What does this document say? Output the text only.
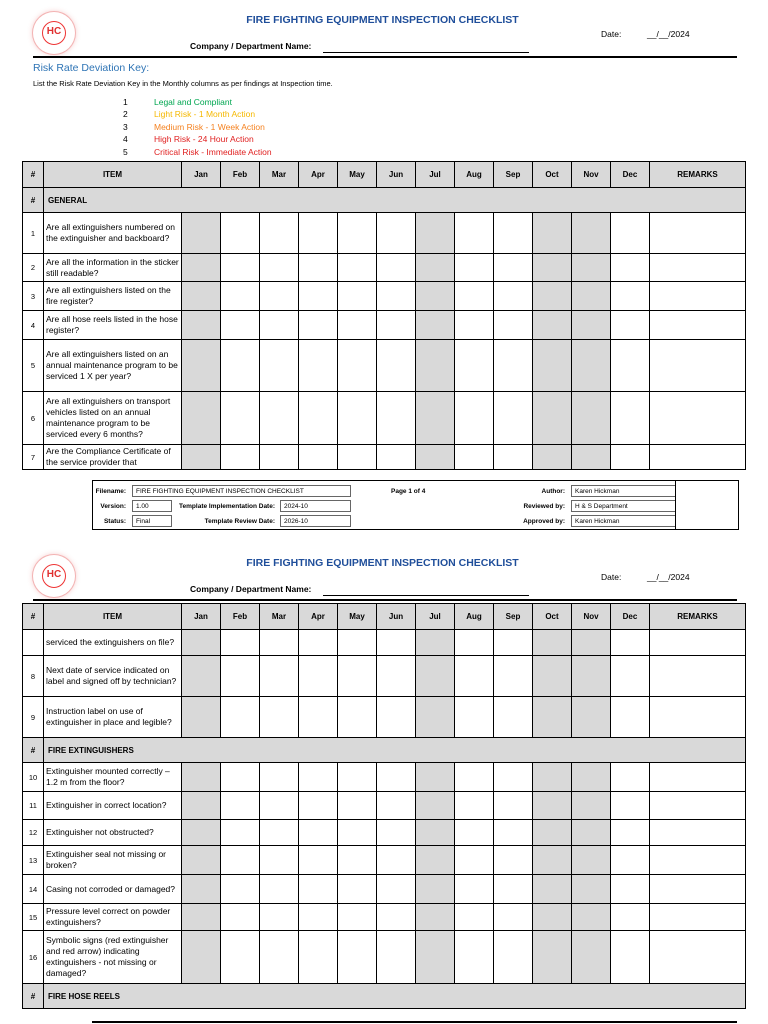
HC
FIRE FIGHTING EQUIPMENT INSPECTION CHECKLIST
Company / Department Name:
Date:	__/__/2024
Risk Rate Deviation Key:
List the Risk Rate Deviation Key in the Monthly columns as per findings at Inspection time.
1	Legal and Compliant
2	Light Risk - 1 Month Action
3	Medium Risk - 1 Week Action
4	High Risk - 24 Hour Action
5	Critical Risk - Immediate Action
#	ITEM	Jan	Feb	Mar	Apr	May	Jun	Jul	Aug	Sep	Oct	Nov	Dec	REMARKS
#	GENERAL													
1	Are all extinguishers numbered on the extinguisher and backboard?													
2	Are all the information in the sticker still readable?													
3	Are all extinguishers listed on the fire register?													
4	Are all hose reels listed in the hose register?													
5	Are all extinguishers listed on an annual maintenance program to be serviced 1 X per year?													
6	Are all extinguishers on transport vehicles listed on an annual maintenance program to be serviced every 6 months?													
7	Are the Compliance Certificate of the service provider that													
Filename: FIRE FIGHTING EQUIPMENT INSPECTION CHECKLIST	Page 1 of 4	Author: Karen Hickman
Version: 1.00	Template Implementation Date: 2024-10	Reviewed by: H & S Department
Status: Final	Template Review Date: 2026-10	Approved by: Karen Hickman
HC
FIRE FIGHTING EQUIPMENT INSPECTION CHECKLIST
Company / Department Name:
Date:	__/__/2024
#	ITEM	Jan	Feb	Mar	Apr	May	Jun	Jul	Aug	Sep	Oct	Nov	Dec	REMARKS
	serviced the extinguishers on file?													
8	Next date of service indicated on label and signed off by technician?													
9	Instruction label on use of extinguisher in place and legible?													
#	FIRE EXTINGUISHERS													
10	Extinguisher mounted correctly – 1.2 m from the floor?													
11	Extinguisher in correct location?													
12	Extinguisher not obstructed?													
13	Extinguisher seal not missing or broken?													
14	Casing not corroded or damaged?													
15	Pressure level correct on powder extinguishers?													
16	Symbolic signs (red extinguisher and red arrow) indicating extinguishers - not missing or damaged?													
#	FIRE HOSE REELS													
